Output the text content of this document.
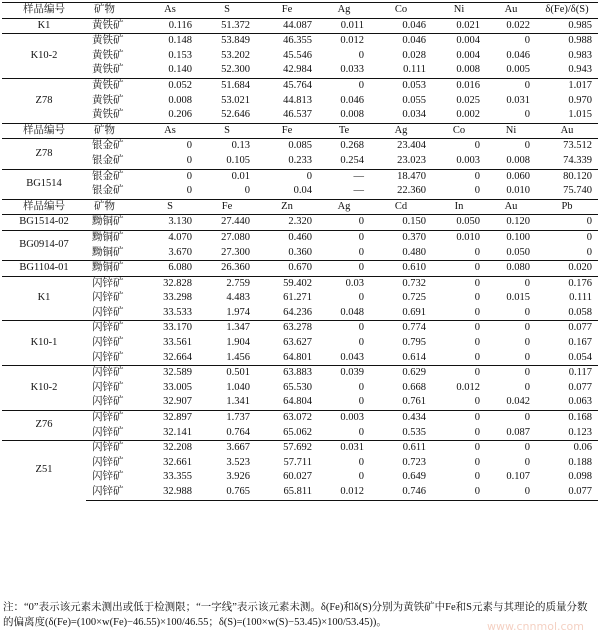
样品编号	矿物	As	S	Fe	Ag	Co	Ni	Au	δ(Fe)/δ(S)
K1	黄铁矿	0.116	51.372	44.087	0.011	0.046	0.021	0.022	0.985
K10-2	黄铁矿	0.148	53.849	46.355	0.012	0.046	0.004	0	0.988
	黄铁矿	0.153	53.202	45.546	0	0.028	0.004	0.046	0.983
	黄铁矿	0.140	52.300	42.984	0.033	0.111	0.008	0.005	0.943
Z78	黄铁矿	0.052	51.684	45.764	0	0.053	0.016	0	1.017
	黄铁矿	0.008	53.021	44.813	0.046	0.055	0.025	0.031	0.970
	黄铁矿	0.206	52.646	46.537	0.008	0.034	0.002	0	1.015
样品编号	矿物	As	S	Fe	Te	Ag	Co	Ni	Au
Z78	银金矿	0	0.13	0.085	0.268	23.404	0	0	73.512
	银金矿	0	0.105	0.233	0.254	23.023	0.003	0.008	74.339
BG1514	银金矿	0	0.01	0	—	18.470	0	0.060	80.120
	银金矿	0	0	0.04	—	22.360	0	0.010	75.740
样品编号	矿物	S	Fe	Zn	Ag	Cd	In	Au	Pb
BG1514-02	黝铜矿	3.130	27.440	2.320	0	0.150	0.050	0.120	0
BG0914-07	黝铜矿	4.070	27.080	0.460	0	0.370	0.010	0.100	0
	黝铜矿	3.670	27.300	0.360	0	0.480	0	0.050	0
BG1104-01	黝铜矿	6.080	26.360	0.670	0	0.610	0	0.080	0.020
K1	闪锌矿	32.828	2.759	59.402	0.03	0.732	0	0	0.176
	闪锌矿	33.298	4.483	61.271	0	0.725	0	0.015	0.111
	闪锌矿	33.533	1.974	64.236	0.048	0.691	0	0	0.058
K10-1	闪锌矿	33.170	1.347	63.278	0	0.774	0	0	0.077
	闪锌矿	33.561	1.904	63.627	0	0.795	0	0	0.167
	闪锌矿	32.664	1.456	64.801	0.043	0.614	0	0	0.054
K10-2	闪锌矿	32.589	0.501	63.883	0.039	0.629	0	0	0.117
	闪锌矿	33.005	1.040	65.530	0	0.668	0.012	0	0.077
	闪锌矿	32.907	1.341	64.804	0	0.761	0	0.042	0.063
Z76	闪锌矿	32.897	1.737	63.072	0.003	0.434	0	0	0.168
	闪锌矿	32.141	0.764	65.062	0	0.535	0	0.087	0.123
Z51	闪锌矿	32.208	3.667	57.692	0.031	0.611	0	0	0.06
	闪锌矿	32.661	3.523	57.711	0	0.723	0	0	0.188
	闪锌矿	33.355	3.926	60.027	0	0.649	0	0.107	0.098
	闪锌矿	32.988	0.765	65.811	0.012	0.746	0	0	0.077
注：“0”表示该元素未测出或低于检测限；“一字线”表示该元素未测。δ(Fe)和δ(S)分别为黄铁矿中Fe和S元素与其理论的质量分数的偏离度(δ(Fe)=(100×w(Fe)−46.55)×100/46.55；δ(S)=(100×w(S)−53.45)×100/53.45))。	www.cnnmol.com
